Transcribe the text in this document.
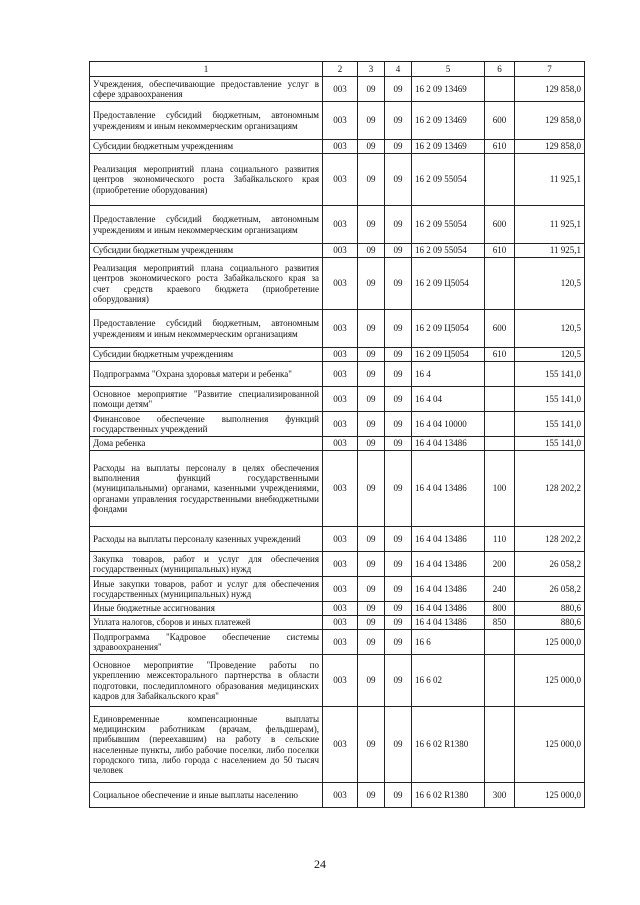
1	2	3	4	5	6	7
Учреждения, обеспечивающие предоставление услуг в сфере здравоохранения	003	09	09	16 2 09 13469		129 858,0
Предоставление субсидий бюджетным, автономным учреждениям и иным некоммерческим организациям	003	09	09	16 2 09 13469	600	129 858,0
Субсидии бюджетным учреждениям	003	09	09	16 2 09 13469	610	129 858,0
Реализация мероприятий плана социального развития центров экономического роста Забайкальского края (приобретение оборудования)	003	09	09	16 2 09 55054		11 925,1
Предоставление субсидий бюджетным, автономным учреждениям и иным некоммерческим организациям	003	09	09	16 2 09 55054	600	11 925,1
Субсидии бюджетным учреждениям	003	09	09	16 2 09 55054	610	11 925,1
Реализация мероприятий плана социального развития центров экономического роста Забайкальского края за счет средств краевого бюджета (приобретение оборудования)	003	09	09	16 2 09 Ц5054		120,5
Предоставление субсидий бюджетным, автономным учреждениям и иным некоммерческим организациям	003	09	09	16 2 09 Ц5054	600	120,5
Субсидии бюджетным учреждениям	003	09	09	16 2 09 Ц5054	610	120,5
Подпрограмма "Охрана здоровья матери и ребенка"	003	09	09	16 4		155 141,0
Основное мероприятие "Развитие специализированной помощи детям"	003	09	09	16 4 04		155 141,0
Финансовое обеспечение выполнения функций государственных учреждений	003	09	09	16 4 04 10000		155 141,0
Дома ребенка	003	09	09	16 4 04 13486		155 141,0
Расходы на выплаты персоналу в целях обеспечения выполнения функций государственными (муниципальными) органами, казенными учреждениями, органами управления государственными внебюджетными фондами	003	09	09	16 4 04 13486	100	128 202,2
Расходы на выплаты персоналу казенных учреждений	003	09	09	16 4 04 13486	110	128 202,2
Закупка товаров, работ и услуг для обеспечения государственных (муниципальных) нужд	003	09	09	16 4 04 13486	200	26 058,2
Иные закупки товаров, работ и услуг для обеспечения государственных (муниципальных) нужд	003	09	09	16 4 04 13486	240	26 058,2
Иные бюджетные ассигнования	003	09	09	16 4 04 13486	800	880,6
Уплата налогов, сборов и иных платежей	003	09	09	16 4 04 13486	850	880,6
Подпрограмма "Кадровое обеспечение системы здравоохранения"	003	09	09	16 6		125 000,0
Основное мероприятие "Проведение работы по укреплению межсекторального партнерства в области подготовки, последипломного образования медицинских кадров для Забайкальского края"	003	09	09	16 6 02		125 000,0
Единовременные компенсационные выплаты медицинским работникам (врачам, фельдшерам), прибывшим (переехавшим) на работу в сельские населенные пункты, либо рабочие поселки, либо поселки городского типа, либо города с населением до 50 тысяч человек	003	09	09	16 6 02 R1380		125 000,0
Социальное обеспечение и иные выплаты населению	003	09	09	16 6 02 R1380	300	125 000,0
24
